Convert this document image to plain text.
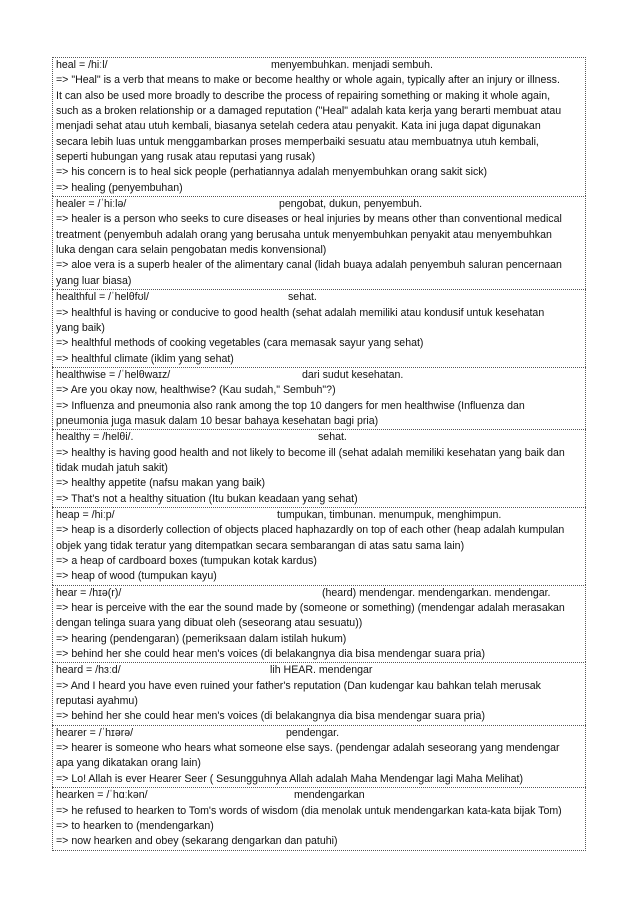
heal = /hiːl/	menyembuhkan. menjadi sembuh.
=> "Heal" is a verb that means to make or become healthy or whole again, typically after an injury or illness.
It can also be used more broadly to describe the process of repairing something or making it whole again,
such as a broken relationship or a damaged reputation ("Heal" adalah kata kerja yang berarti membuat atau
menjadi sehat atau utuh kembali, biasanya setelah cedera atau penyakit. Kata ini juga dapat digunakan
secara lebih luas untuk menggambarkan proses memperbaiki sesuatu atau membuatnya utuh kembali,
seperti hubungan yang rusak atau reputasi yang rusak)
=> his concern is to heal sick people (perhatiannya adalah menyembuhkan orang sakit sick)
=> healing (penyembuhan)
healer = /ˈhiːlə/	pengobat, dukun, penyembuh.
=> healer is a person who seeks to cure diseases or heal injuries by means other than conventional medical
treatment (penyembuh adalah orang yang berusaha untuk menyembuhkan penyakit atau menyembuhkan
luka dengan cara selain pengobatan medis konvensional)
=> aloe vera is a superb healer of the alimentary canal (lidah buaya adalah penyembuh saluran pencernaan
yang luar biasa)
healthful = /ˈhelθfʊl/	sehat.
=> healthful is having or conducive to good health (sehat adalah memiliki atau kondusif untuk kesehatan
yang baik)
=> healthful methods of cooking vegetables (cara memasak sayur yang sehat)
=> healthful climate (iklim yang sehat)
healthwise = /ˈhelθwaɪz/	dari sudut kesehatan.
=> Are you okay now, healthwise? (Kau sudah," Sembuh"?)
=> Influenza and pneumonia also rank among the top 10 dangers for men healthwise (Influenza dan
pneumonia juga masuk dalam 10 besar bahaya kesehatan bagi pria)
healthy = /helθi/.	sehat.
=> healthy is having good health and not likely to become ill (sehat adalah memiliki kesehatan yang baik dan
tidak mudah jatuh sakit)
=> healthy appetite (nafsu makan yang baik)
=> That's not a healthy situation (Itu bukan keadaan yang sehat)
heap = /hiːp/	tumpukan, timbunan. menumpuk, menghimpun.
=> heap is a disorderly collection of objects placed haphazardly on top of each other (heap adalah kumpulan
objek yang tidak teratur yang ditempatkan secara sembarangan di atas satu sama lain)
=> a heap of cardboard boxes (tumpukan kotak kardus)
=> heap of wood (tumpukan kayu)
hear = /hɪə(r)/	(heard) mendengar. mendengarkan. mendengar.
=> hear is perceive with the ear the sound made by (someone or something) (mendengar adalah merasakan
dengan telinga suara yang dibuat oleh (seseorang atau sesuatu))
=> hearing (pendengaran) (pemeriksaan dalam istilah hukum)
=> behind her she could hear men's voices (di belakangnya dia bisa mendengar suara pria)
heard = /hɜːd/	lih HEAR. mendengar
=> And I heard you have even ruined your father's reputation (Dan kudengar kau bahkan telah merusak
reputasi ayahmu)
=> behind her she could hear men's voices (di belakangnya dia bisa mendengar suara pria)
hearer = /ˈhɪərə/	pendengar.
=> hearer is someone who hears what someone else says. (pendengar adalah seseorang yang mendengar
apa yang dikatakan orang lain)
=> Lo! Allah is ever Hearer Seer ( Sesungguhnya Allah adalah Maha Mendengar lagi Maha Melihat)
hearken = /ˈhɑːkən/	mendengarkan
=> he refused to hearken to Tom's words of wisdom (dia menolak untuk mendengarkan kata-kata bijak Tom)
=> to hearken to (mendengarkan)
=> now hearken and obey (sekarang dengarkan dan patuhi)
